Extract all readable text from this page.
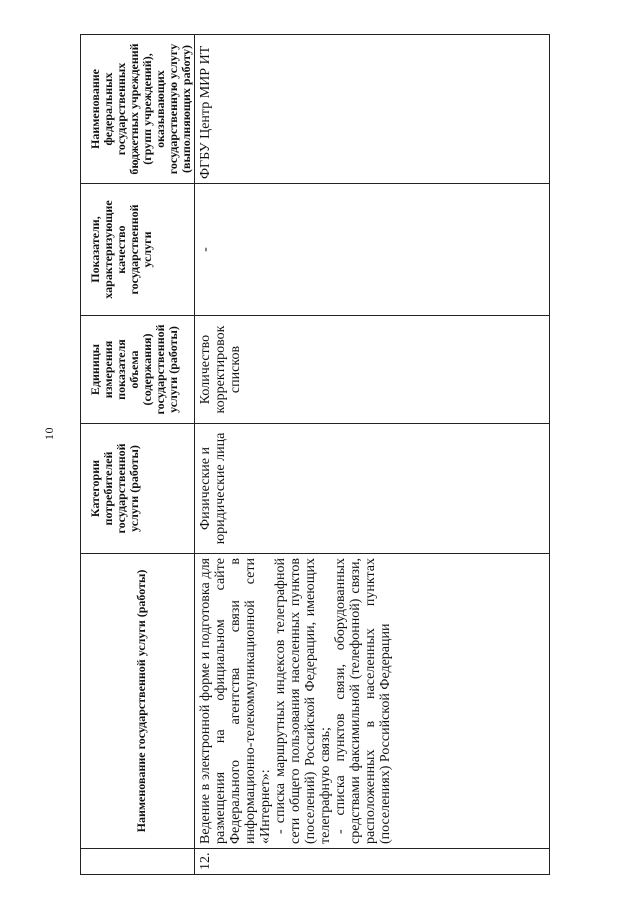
10
	Наименование государственной услуги (работы)	Категории потребителей государственной услуги (работы)	Единицы измерения показателя объема (содержания) государственной услуги (работы)	Показатели, характеризующие качество государственной услуги	Наименование федеральных государственных бюджетных учреждений (групп учреждений), оказывающих государственную услугу (выполняющих работу)
12.	Ведение в электронной форме и подготовка для размещения на официальном сайте Федерального агентства связи в информационно-телекоммуникационной сети «Интернет»: - списка маршрутных индексов телеграфной сети общего пользования населенных пунктов (поселений) Российской Федерации, имеющих телеграфную связь; - списка пунктов связи, оборудованных средствами факсимильной (телефонной) связи, расположенных в населенных пунктах (поселениях) Российской Федерации	Физические и юридические лица	Количество корректировок списков	-	ФГБУ Центр МИР ИТ
